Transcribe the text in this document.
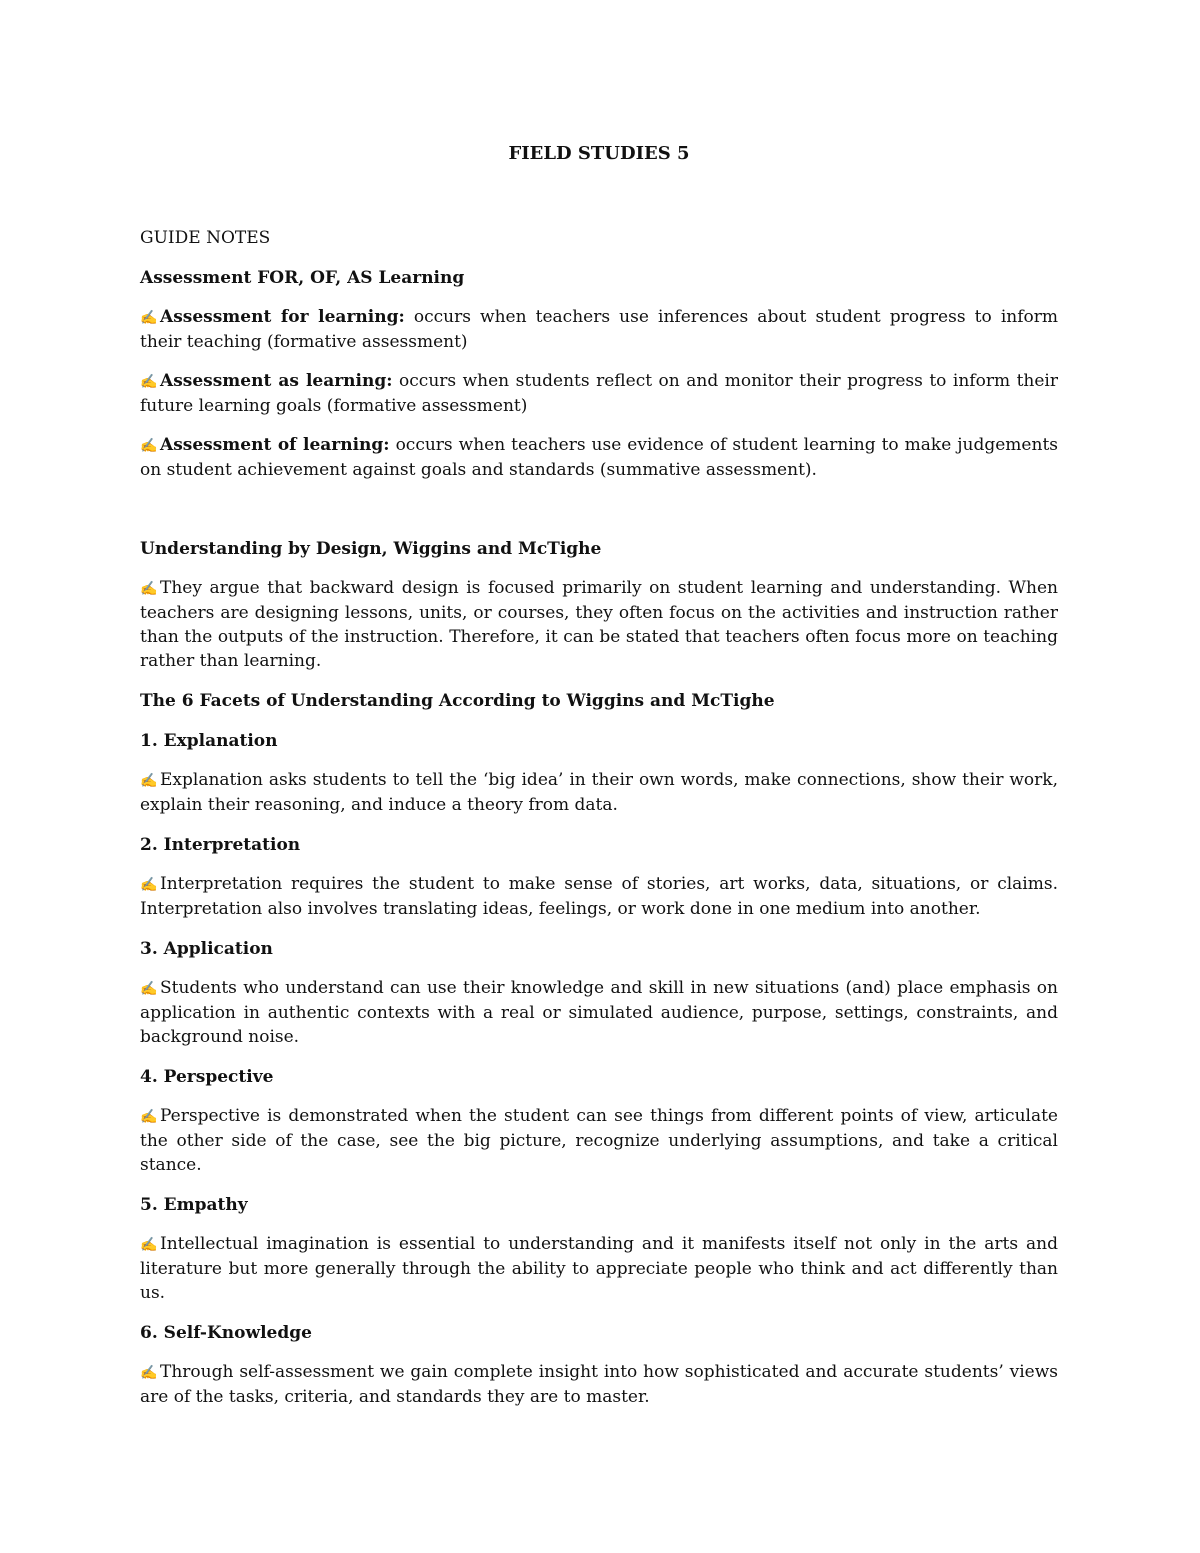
FIELD STUDIES 5
GUIDE NOTES
Assessment FOR, OF, AS Learning

✍ Assessment for learning: occurs when teachers use inferences about student progress to inform their teaching (formative assessment)

✍ Assessment as learning: occurs when students reflect on and monitor their progress to inform their future learning goals (formative assessment)

✍ Assessment of learning: occurs when teachers use evidence of student learning to make judgements on student achievement against goals and standards (summative assessment).

Understanding by Design, Wiggins and McTighe

✍ They argue that backward design is focused primarily on student learning and understanding. When teachers are designing lessons, units, or courses, they often focus on the activities and instruction rather than the outputs of the instruction. Therefore, it can be stated that teachers often focus more on teaching rather than learning.

The 6 Facets of Understanding According to Wiggins and McTighe
1. Explanation

✍ Explanation asks students to tell the ‘big idea’ in their own words, make connections, show their work, explain their reasoning, and induce a theory from data.

2. Interpretation

✍ Interpretation requires the student to make sense of stories, art works, data, situations, or claims. Interpretation also involves translating ideas, feelings, or work done in one medium into another.

3. Application

✍ Students who understand can use their knowledge and skill in new situations (and) place emphasis on application in authentic contexts with a real or simulated audience, purpose, settings, constraints, and background noise.

4. Perspective

✍ Perspective is demonstrated when the student can see things from different points of view, articulate the other side of the case, see the big picture, recognize underlying assumptions, and take a critical stance.

5. Empathy

✍ Intellectual imagination is essential to understanding and it manifests itself not only in the arts and literature but more generally through the ability to appreciate people who think and act differently than us.

6. Self-Knowledge

✍ Through self-assessment we gain complete insight into how sophisticated and accurate students’ views are of the tasks, criteria, and standards they are to master.
